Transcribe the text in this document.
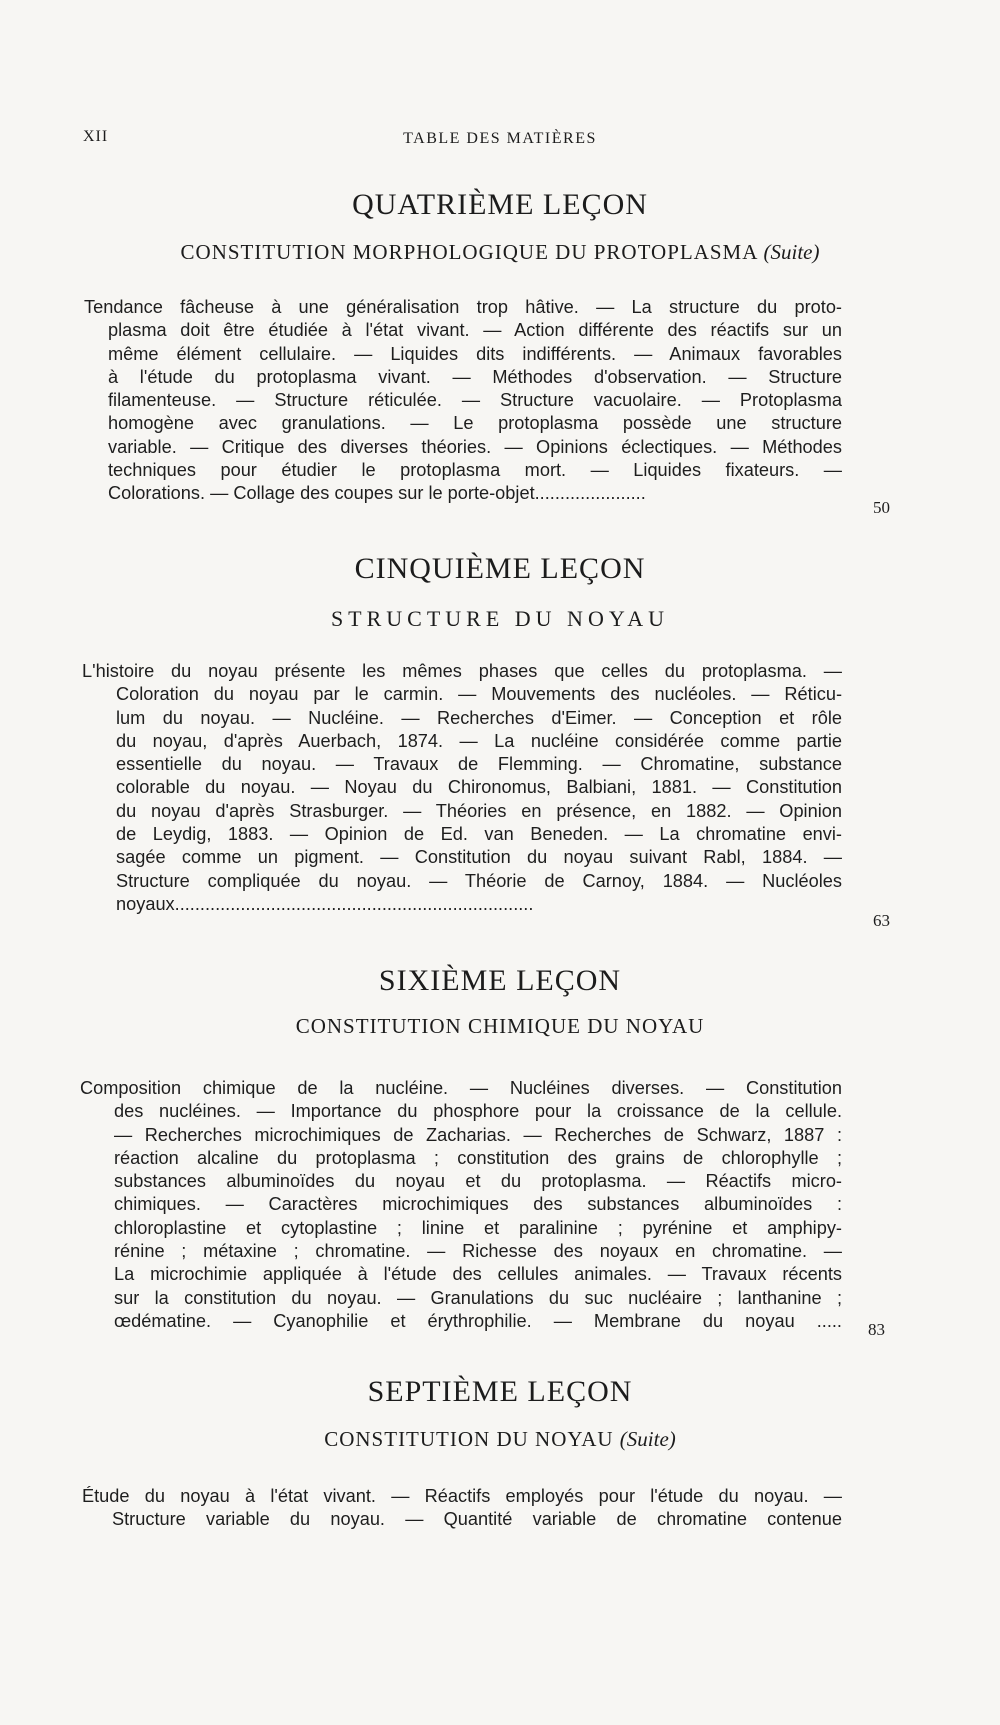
XII	TABLE DES MATIÈRES
QUATRIÈME LEÇON
CONSTITUTION MORPHOLOGIQUE DU PROTOPLASMA (Suite)
Tendance fâcheuse à une généralisation trop hâtive. — La structure du proto-
plasma doit être étudiée à l'état vivant. — Action différente des réactifs sur un
même élément cellulaire. — Liquides dits indifférents. — Animaux favorables
à l'étude du protoplasma vivant. — Méthodes d'observation. — Structure
filamenteuse. — Structure réticulée. — Structure vacuolaire. — Protoplasma
homogène avec granulations. — Le protoplasma possède une structure
variable. — Critique des diverses théories. — Opinions éclectiques. — Méthodes
techniques pour étudier le protoplasma mort. — Liquides fixateurs. —
Colorations. — Collage des coupes sur le porte-objet......................
50
CINQUIÈME LEÇON
STRUCTURE DU NOYAU
L'histoire du noyau présente les mêmes phases que celles du protoplasma. —
Coloration du noyau par le carmin. — Mouvements des nucléoles. — Réticu-
lum du noyau. — Nucléine. — Recherches d'Eimer. — Conception et rôle
du noyau, d'après Auerbach, 1874. — La nucléine considérée comme partie
essentielle du noyau. — Travaux de Flemming. — Chromatine, substance
colorable du noyau. — Noyau du Chironomus, Balbiani, 1881. — Constitution
du noyau d'après Strasburger. — Théories en présence, en 1882. — Opinion
de Leydig, 1883. — Opinion de Ed. van Beneden. — La chromatine envi-
sagée comme un pigment. — Constitution du noyau suivant Rabl, 1884. —
Structure compliquée du noyau. — Théorie de Carnoy, 1884. — Nucléoles
noyaux.......................................................................
63
SIXIÈME LEÇON
CONSTITUTION CHIMIQUE DU NOYAU
Composition chimique de la nucléine. — Nucléines diverses. — Constitution
des nucléines. — Importance du phosphore pour la croissance de la cellule.
— Recherches microchimiques de Zacharias. — Recherches de Schwarz, 1887 :
réaction alcaline du protoplasma ; constitution des grains de chlorophylle ;
substances albuminoïdes du noyau et du protoplasma. — Réactifs micro-
chimiques. — Caractères microchimiques des substances albuminoïdes :
chloroplastine et cytoplastine ; linine et paralinine ; pyrénine et amphipy-
rénine ; métaxine ; chromatine. — Richesse des noyaux en chromatine. —
La microchimie appliquée à l'étude des cellules animales. — Travaux récents
sur la constitution du noyau. — Granulations du suc nucléaire ; lanthanine ;
œdématine. — Cyanophilie et érythrophilie. — Membrane du noyau ..... 83
SEPTIÈME LEÇON
CONSTITUTION DU NOYAU (Suite)
Étude du noyau à l'état vivant. — Réactifs employés pour l'étude du noyau. —
Structure variable du noyau. — Quantité variable de chromatine contenue
